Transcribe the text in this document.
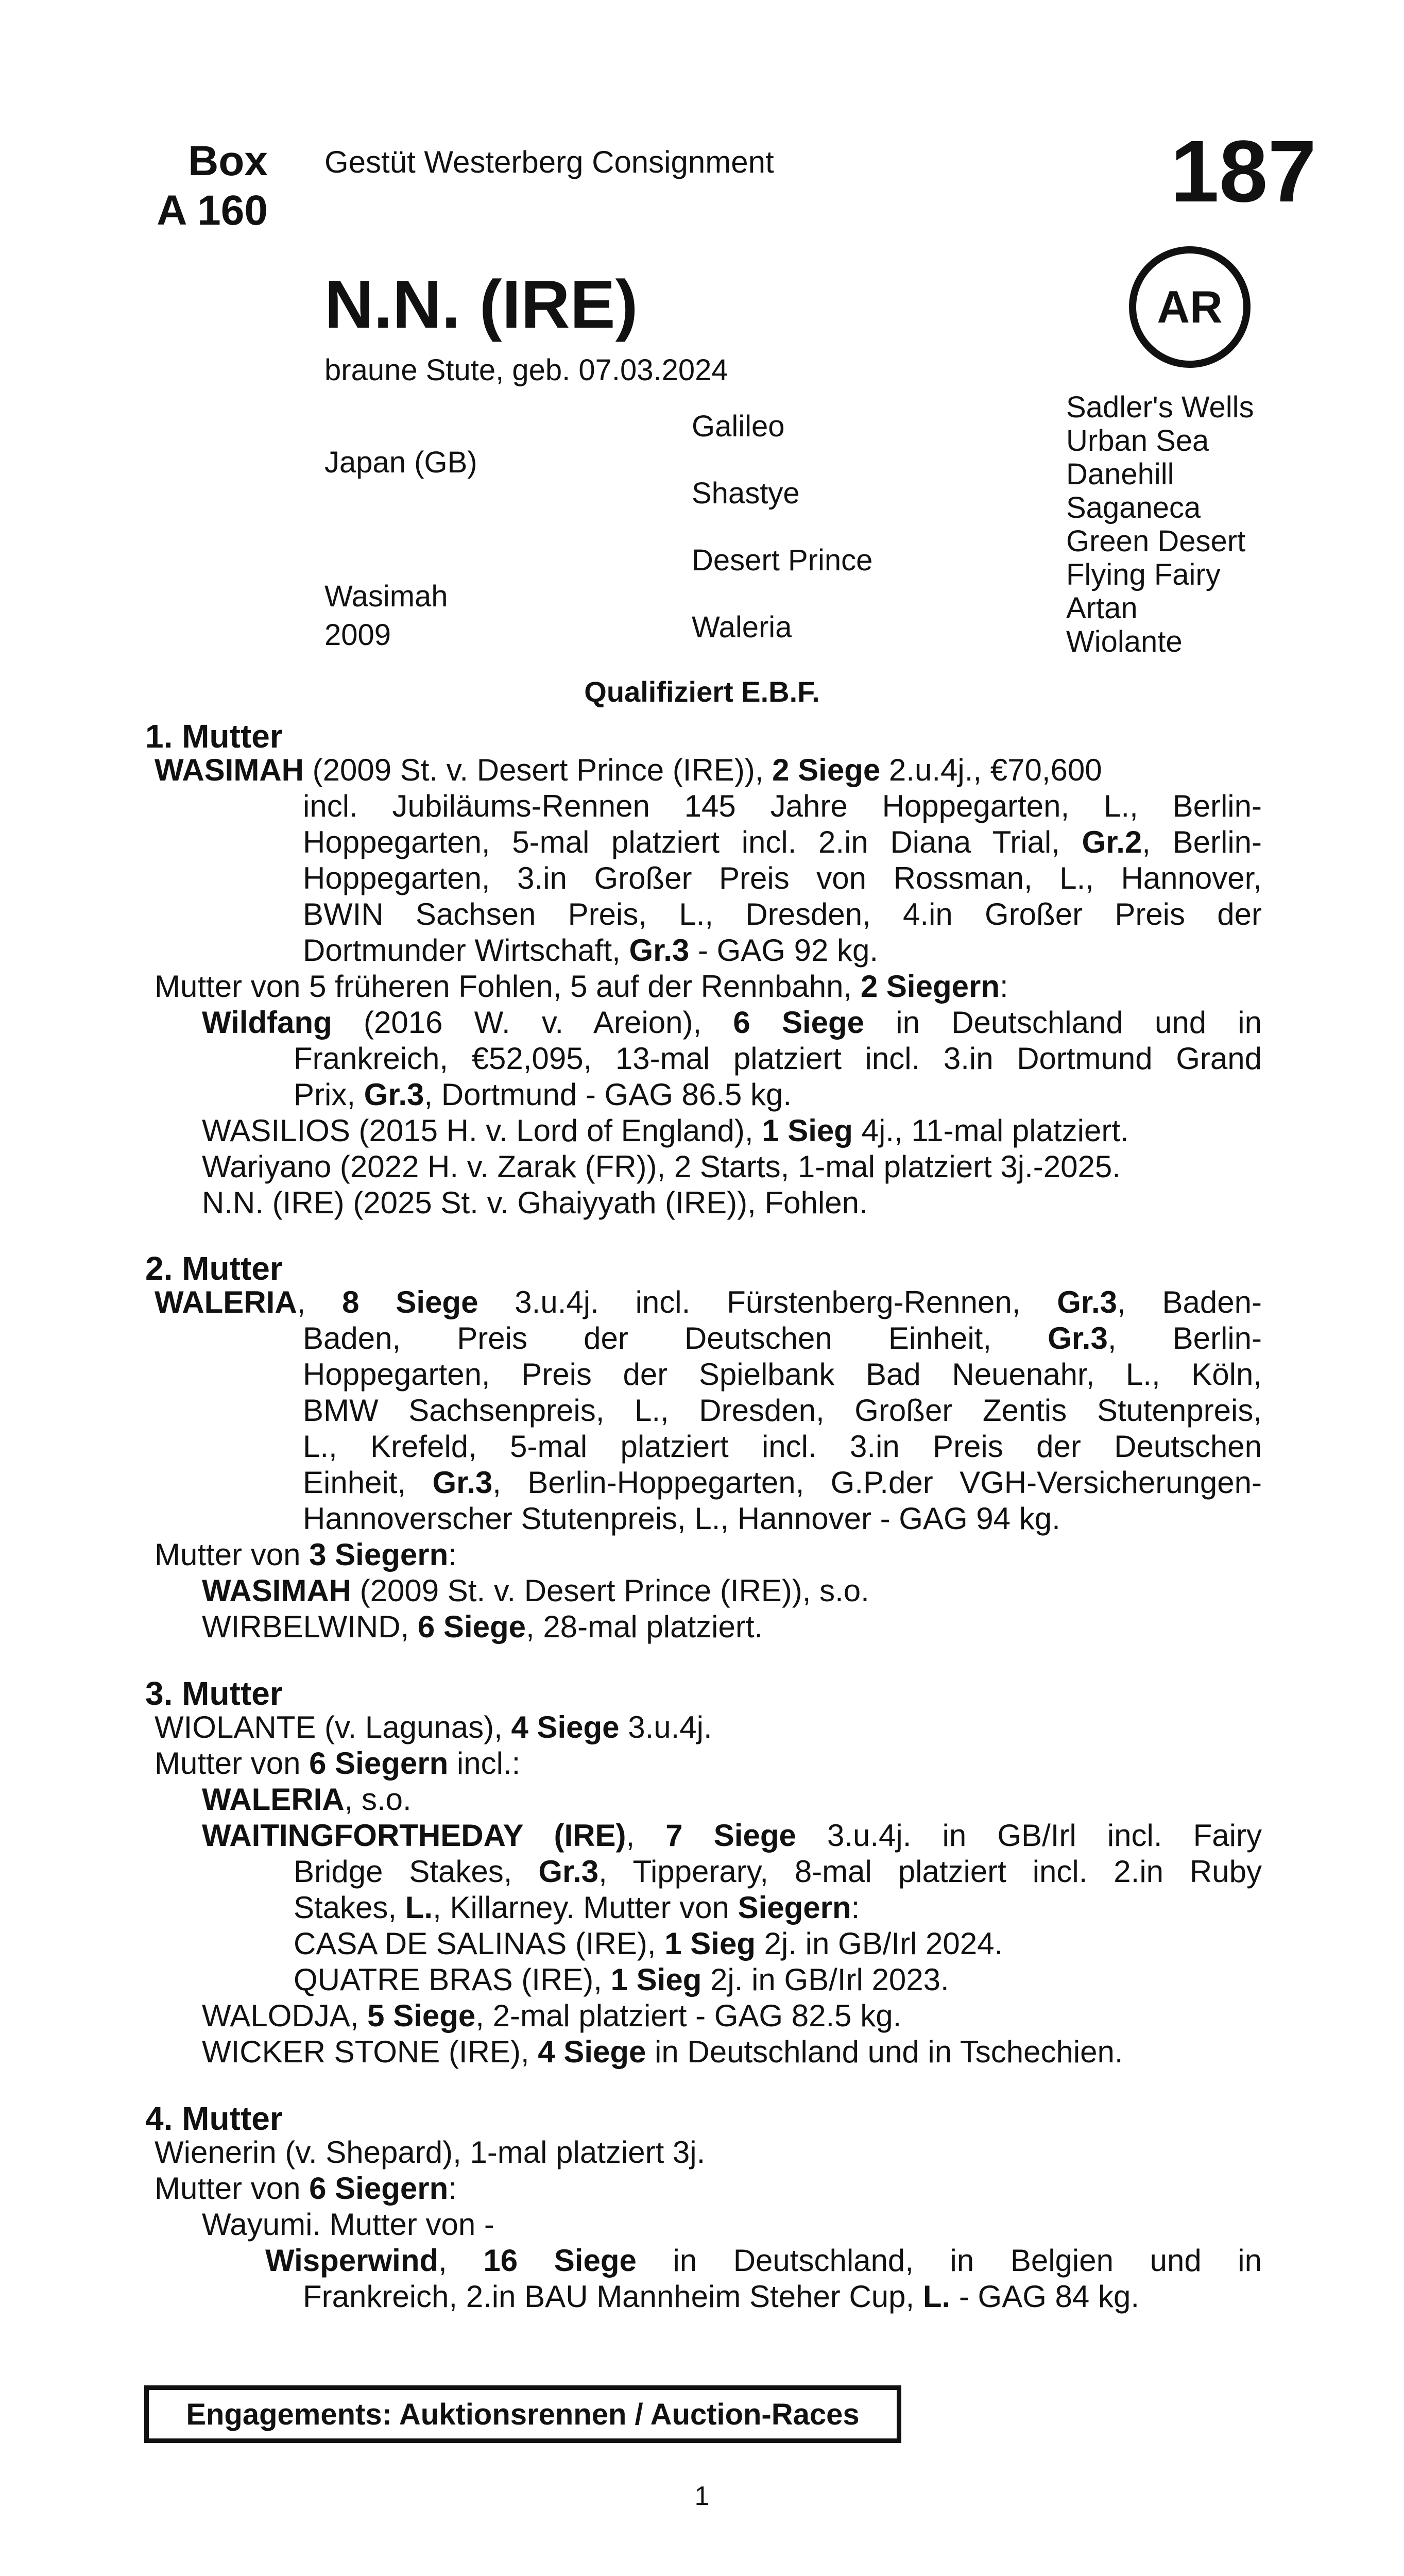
Box
A 160
Gestüt Westerberg Consignment	187
N.N. (IRE)
braune Stute, geb. 07.03.2024
AR
Japan (GB)
Wasimah
2009
Galileo
Shastye
Desert Prince
Waleria
Sadler's Wells
Urban Sea
Danehill
Saganeca
Green Desert
Flying Fairy
Artan
Wiolante
Qualifiziert E.B.F.
1. Mutter
WASIMAH (2009 St. v. Desert Prince (IRE)), 2 Siege 2.u.4j., €70,600
incl. Jubiläums-Rennen 145 Jahre Hoppegarten, L., Berlin-
Hoppegarten, 5-mal platziert incl. 2.in Diana Trial, Gr.2, Berlin-
Hoppegarten, 3.in Großer Preis von Rossman, L., Hannover,
BWIN Sachsen Preis, L., Dresden, 4.in Großer Preis der
Dortmunder Wirtschaft, Gr.3 - GAG 92 kg.
Mutter von 5 früheren Fohlen, 5 auf der Rennbahn, 2 Siegern:
Wildfang (2016 W. v. Areion), 6 Siege in Deutschland und in
Frankreich, €52,095, 13-mal platziert incl. 3.in Dortmund Grand
Prix, Gr.3, Dortmund - GAG 86.5 kg.
WASILIOS (2015 H. v. Lord of England), 1 Sieg 4j., 11-mal platziert.
Wariyano (2022 H. v. Zarak (FR)), 2 Starts, 1-mal platziert 3j.-2025.
N.N. (IRE) (2025 St. v. Ghaiyyath (IRE)), Fohlen.
2. Mutter
WALERIA, 8 Siege 3.u.4j. incl. Fürstenberg-Rennen, Gr.3, Baden-
Baden, Preis der Deutschen Einheit, Gr.3, Berlin-
Hoppegarten, Preis der Spielbank Bad Neuenahr, L., Köln,
BMW Sachsenpreis, L., Dresden, Großer Zentis Stutenpreis,
L., Krefeld, 5-mal platziert incl. 3.in Preis der Deutschen
Einheit, Gr.3, Berlin-Hoppegarten, G.P.der VGH-Versicherungen-
Hannoverscher Stutenpreis, L., Hannover - GAG 94 kg.
Mutter von 3 Siegern:
WASIMAH (2009 St. v. Desert Prince (IRE)), s.o.
WIRBELWIND, 6 Siege, 28-mal platziert.
3. Mutter
WIOLANTE (v. Lagunas), 4 Siege 3.u.4j.
Mutter von 6 Siegern incl.:
WALERIA, s.o.
WAITINGFORTHEDAY (IRE), 7 Siege 3.u.4j. in GB/Irl incl. Fairy
Bridge Stakes, Gr.3, Tipperary, 8-mal platziert incl. 2.in Ruby
Stakes, L., Killarney. Mutter von Siegern:
CASA DE SALINAS (IRE), 1 Sieg 2j. in GB/Irl 2024.
QUATRE BRAS (IRE), 1 Sieg 2j. in GB/Irl 2023.
WALODJA, 5 Siege, 2-mal platziert - GAG 82.5 kg.
WICKER STONE (IRE), 4 Siege in Deutschland und in Tschechien.
4. Mutter
Wienerin (v. Shepard), 1-mal platziert 3j.
Mutter von 6 Siegern:
Wayumi. Mutter von -
Wisperwind, 16 Siege in Deutschland, in Belgien und in
Frankreich, 2.in BAU Mannheim Steher Cup, L. - GAG 84 kg.
Engagements: Auktionsrennen / Auction-Races
1
